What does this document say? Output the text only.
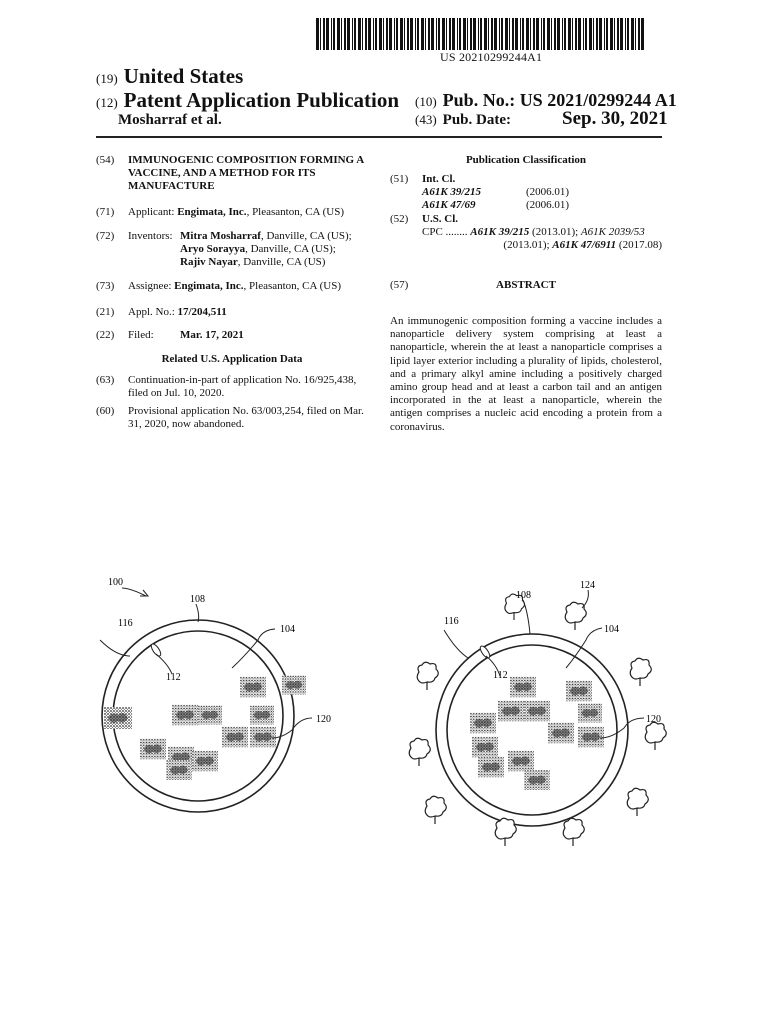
US 20210299244A1
(19) United States
(12) Patent Application Publication
Mosharraf et al.
(10) Pub. No.: US 2021/0299244 A1
(43) Pub. Date:	Sep. 30, 2021
(54)	IMMUNOGENIC COMPOSITION FORMING A VACCINE, AND A METHOD FOR ITS MANUFACTURE
(71)	Applicant: Engimata, Inc., Pleasanton, CA (US)
(72)	Inventors: Mitra Mosharraf, Danville, CA (US);
Aryo Sorayya, Danville, CA (US);
Rajiv Nayar, Danville, CA (US)
(73)	Assignee: Engimata, Inc., Pleasanton, CA (US)
(21)	Appl. No.: 17/204,511
(22)	Filed: Mar. 17, 2021
Related U.S. Application Data
(63)	Continuation-in-part of application No. 16/925,438, filed on Jul. 10, 2020.
(60)	Provisional application No. 63/003,254, filed on Mar. 31, 2020, now abandoned.
Publication Classification
(51)	Int. Cl.
A61K 39/215	(2006.01)
A61K 47/69	(2006.01)
(52)	U.S. Cl.
CPC ........ A61K 39/215 (2013.01); A61K 2039/53
(2013.01); A61K 47/6911 (2017.08)
(57)	ABSTRACT
An immunogenic composition forming a vaccine includes a nanoparticle delivery system comprising at least a nanoparticle, wherein the at least a nanoparticle comprises a lipid layer exterior including a plurality of lipids, cholesterol, and a primary alkyl amine including a positively charged amino group head and at least a carbon tail and an antigen incorporated in the at least a nanoparticle, wherein the antigen comprises a nucleic acid encoding a protein from a coronavirus.
100
108
104
116
112
120
124
108
104
116
112
120
